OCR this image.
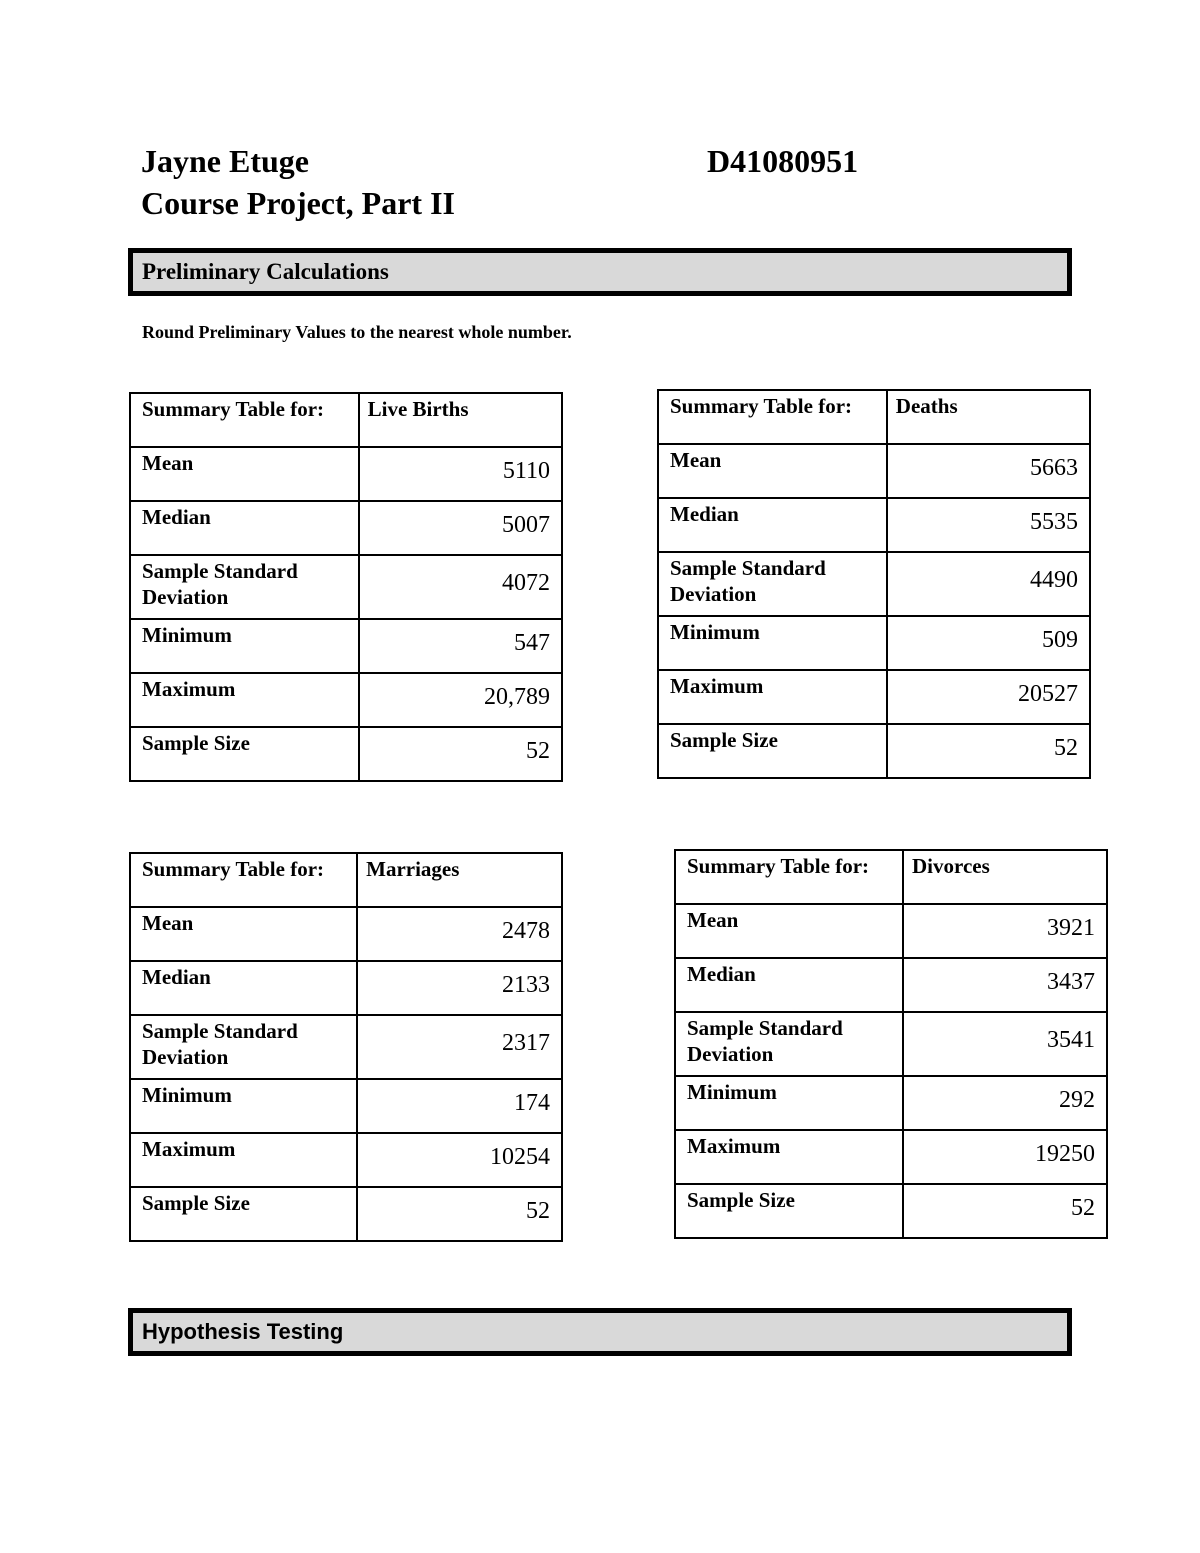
Jayne Etuge	D41080951
Course Project, Part II
Preliminary Calculations
Round Preliminary Values to the nearest whole number.
Summary Table for:	Live Births
Mean	5110
Median	5007
Sample Standard Deviation	4072
Minimum	547
Maximum	20,789
Sample Size	52
Summary Table for:	Deaths
Mean	5663
Median	5535
Sample Standard Deviation	4490
Minimum	509
Maximum	20527
Sample Size	52
Summary Table for:	Marriages
Mean	2478
Median	2133
Sample Standard Deviation	2317
Minimum	174
Maximum	10254
Sample Size	52
Summary Table for:	Divorces
Mean	3921
Median	3437
Sample Standard Deviation	3541
Minimum	292
Maximum	19250
Sample Size	52
Hypothesis Testing
